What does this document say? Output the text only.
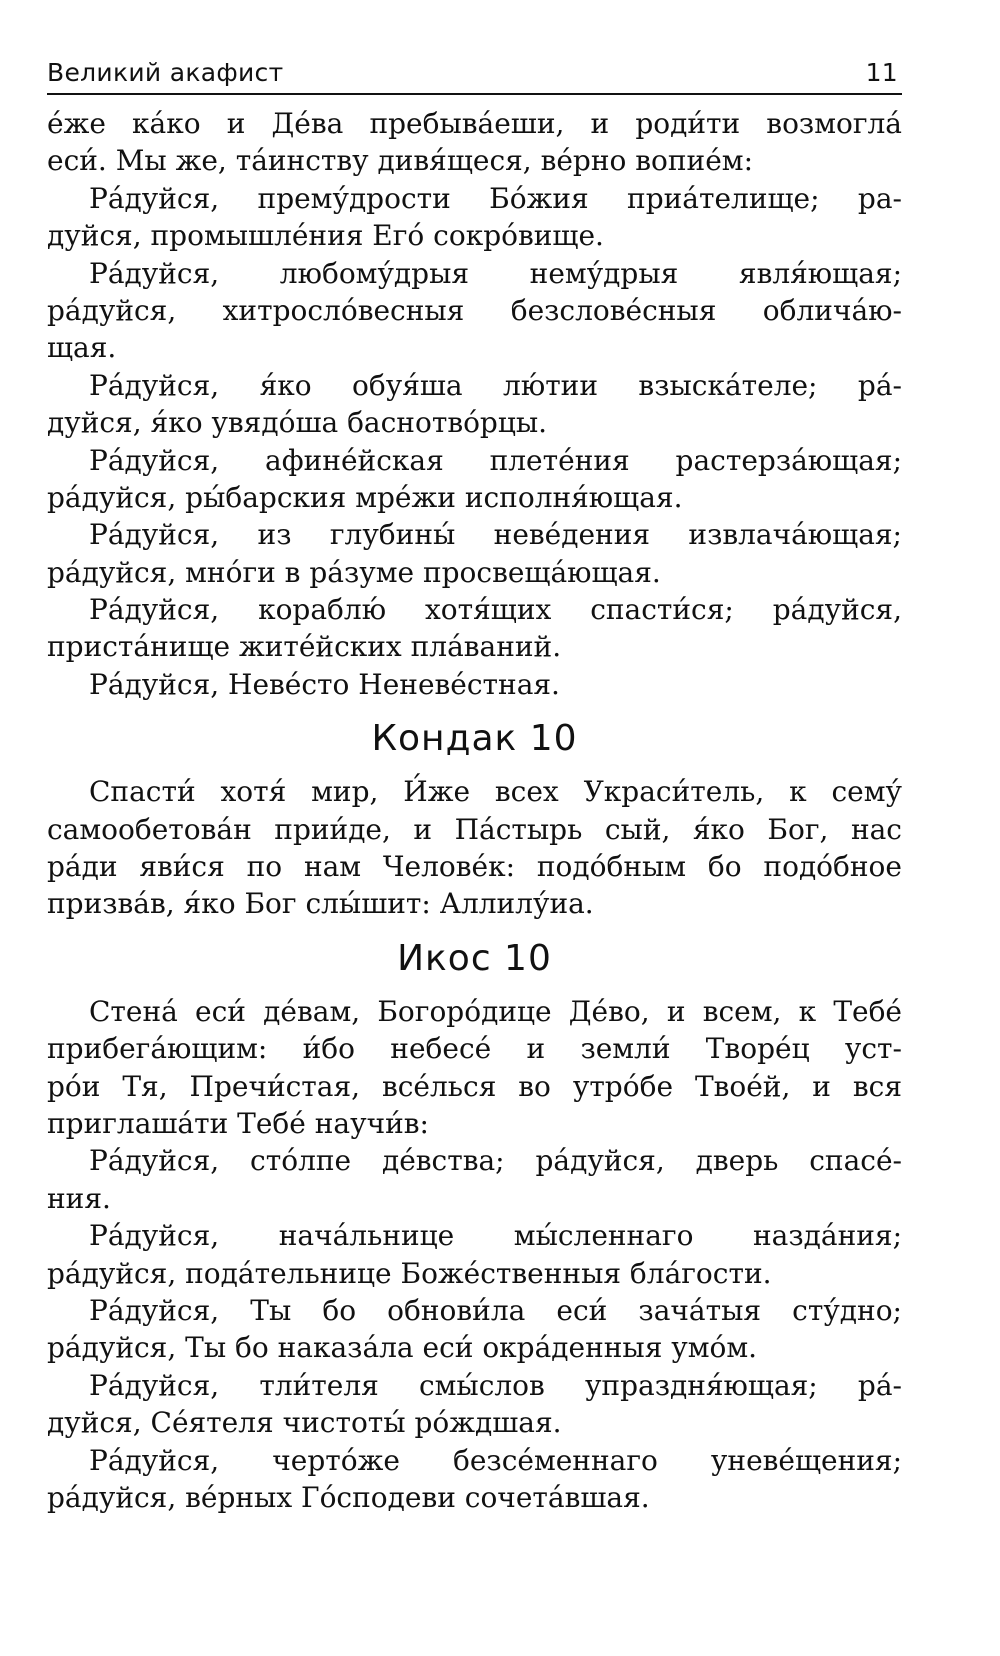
Великий акафист	11
е́же ка́ко и Де́ва пребыва́еши, и роди́ти возмогла́
еси́. Мы же, та́инству дивя́щеся, ве́рно вопие́м:
Ра́дуйся, прему́дрости Бо́жия приа́телище; ра-
дуйся, промышле́ния Его́ сокро́вище.
Ра́дуйся, любому́дрыя нему́дрыя явля́ющая;
ра́дуйся, хитросло́весныя безслове́сныя облича́ю-
щая.
Ра́дуйся, я́ко обуя́ша лю́тии взыска́теле; ра́-
дуйся, я́ко увядо́ша баснотво́рцы.
Ра́дуйся, афине́йская плете́ния растерза́ющая;
ра́дуйся, ры́барския мре́жи исполня́ющая.
Ра́дуйся, из глубины́ неве́дения извлача́ющая;
ра́дуйся, мно́ги в ра́зуме просвеща́ющая.
Ра́дуйся, кораблю́ хотя́щих спасти́ся; ра́дуйся,
приста́нище жите́йских пла́ваний.
Ра́дуйся, Неве́сто Неневе́стная.
Кондак 10
Спасти́ хотя́ мир, И́же всех Украси́тель, к сему́
самообетова́н прии́де, и Па́стырь сый, я́ко Бог, нас
ра́ди яви́ся по нам Челове́к: подо́бным бо подо́бное
призва́в, я́ко Бог слы́шит: Аллилу́иа.
Икос 10
Стена́ еси́ де́вам, Богоро́дице Де́во, и всем, к Тебе́
прибега́ющим: и́бо небесе́ и земли́ Творе́ц уст-
ро́и Тя, Пречи́стая, все́лься во утро́бе Твое́й, и вся
приглаша́ти Тебе́ научи́в:
Ра́дуйся, сто́лпе де́вства; ра́дуйся, дверь спасе́-
ния.
Ра́дуйся, нача́льнице мы́сленнаго назда́ния;
ра́дуйся, пода́тельнице Боже́ственныя бла́гости.
Ра́дуйся, Ты бо обнови́ла еси́ зача́тыя сту́дно;
ра́дуйся, Ты бо наказа́ла еси́ окра́денныя умо́м.
Ра́дуйся, тли́теля смы́слов упраздня́ющая; ра́-
дуйся, Се́ятеля чистоты́ ро́ждшая.
Ра́дуйся, черто́же безсе́меннаго уневе́щения;
ра́дуйся, ве́рных Го́сподеви сочета́вшая.
